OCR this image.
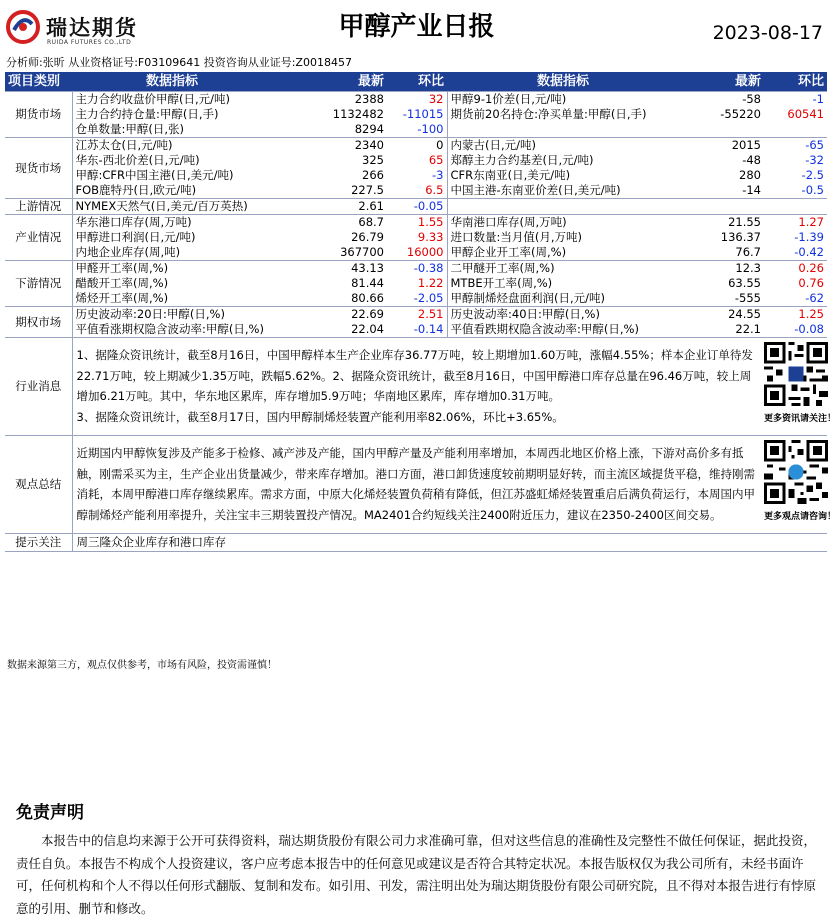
瑞达期货
RUIDA FUTURES CO.,LTD
甲醇产业日报	2023-08-17
分析师:张昕 从业资格证号:F03109641 投资咨询从业证号:Z0018457
项目类别	数据指标	最新	环比	数据指标	最新	环比
期货市场	主力合约收盘价甲醇(日,元/吨)	2388	32	甲醇9-1价差(日,元/吨)	-58	-1
	主力合约持仓量:甲醇(日,手)	1132482	-11015	期货前20名持仓:净买单量:甲醇(日,手)	-55220	60541
	仓单数量:甲醇(日,张)	8294	-100			
现货市场	江苏太仓(日,元/吨)	2340	0	内蒙古(日,元/吨)	2015	-65
	华东-西北价差(日,元/吨)	325	65	郑醇主力合约基差(日,元/吨)	-48	-32
	甲醇:CFR中国主港(日,美元/吨)	266	-3	CFR东南亚(日,美元/吨)	280	-2.5
	FOB鹿特丹(日,欧元/吨)	227.5	6.5	中国主港-东南亚价差(日,美元/吨)	-14	-0.5
上游情况	NYMEX天然气(日,美元/百万英热)	2.61	-0.05			
产业情况	华东港口库存(周,万吨)	68.7	1.55	华南港口库存(周,万吨)	21.55	1.27
	甲醇进口利润(日,元/吨)	26.79	9.33	进口数量:当月值(月,万吨)	136.37	-1.39
	内地企业库存(周,吨)	367700	16000	甲醇企业开工率(周,%)	76.7	-0.42
下游情况	甲醛开工率(周,%)	43.13	-0.38	二甲醚开工率(周,%)	12.3	0.26
	醋酸开工率(周,%)	81.44	1.22	MTBE开工率(周,%)	63.55	0.76
	烯烃开工率(周,%)	80.66	-2.05	甲醇制烯烃盘面利润(日,元/吨)	-555	-62
期权市场	历史波动率:20日:甲醇(日,%)	22.69	2.51	历史波动率:40日:甲醇(日,%)	24.55	1.25
	平值看涨期权隐含波动率:甲醇(日,%)	22.04	-0.14	平值看跌期权隐含波动率:甲醇(日,%)	22.1	-0.08
行业消息	1、据隆众资讯统计，截至8月16日，中国甲醇样本生产企业库存36.77万吨，较上期增加1.60万吨，涨幅4.55%；样本企业订单待发22.71万吨，较上期减少1.35万吨，跌幅5.62%。2、据隆众资讯统计，截至8月16日，中国甲醇港口库存总量在96.46万吨，较上周增加6.21万吨。其中，华东地区累库，库存增加5.9万吨；华南地区累库，库存增加0.31万吨。
3、据隆众资讯统计，截至8月17日，国内甲醇制烯烃装置产能利用率82.06%，环比+3.65%。					更多资讯请关注！

观点总结	近期国内甲醇恢复涉及产能多于检修、减产涉及产能，国内甲醇产量及产能利用率增加，本周西北地区价格上涨，下游对高价多有抵触，刚需采买为主，生产企业出货量减少，带来库存增加。港口方面，港口卸货速度较前期明显好转，而主流区域提货平稳，维持刚需消耗，本周甲醇港口库存继续累库。需求方面，中原大化烯烃装置负荷稍有降低，但江苏盛虹烯烃装置重启后满负荷运行，本周国内甲醇制烯烃产能利用率提升，关注宝丰三期装置投产情况。MA2401合约短线关注2400附近压力，建议在2350-2400区间交易。					更多观点请咨询！

提示关注	周三隆众企业库存和港口库存					
数据来源第三方，观点仅供参考，市场有风险，投资需谨慎！
免责声明
本报告中的信息均来源于公开可获得资料，瑞达期货股份有限公司力求准确可靠，但对这些信息的准确性及完整性不做任何保证，据此投资，责任自负。本报告不构成个人投资建议，客户应考虑本报告中的任何意见或建议是否符合其特定状况。本报告版权仅为我公司所有，未经书面许可，任何机构和个人不得以任何形式翻版、复制和发布。如引用、刊发，需注明出处为瑞达期货股份有限公司研究院，且不得对本报告进行有悖原意的引用、删节和修改。
